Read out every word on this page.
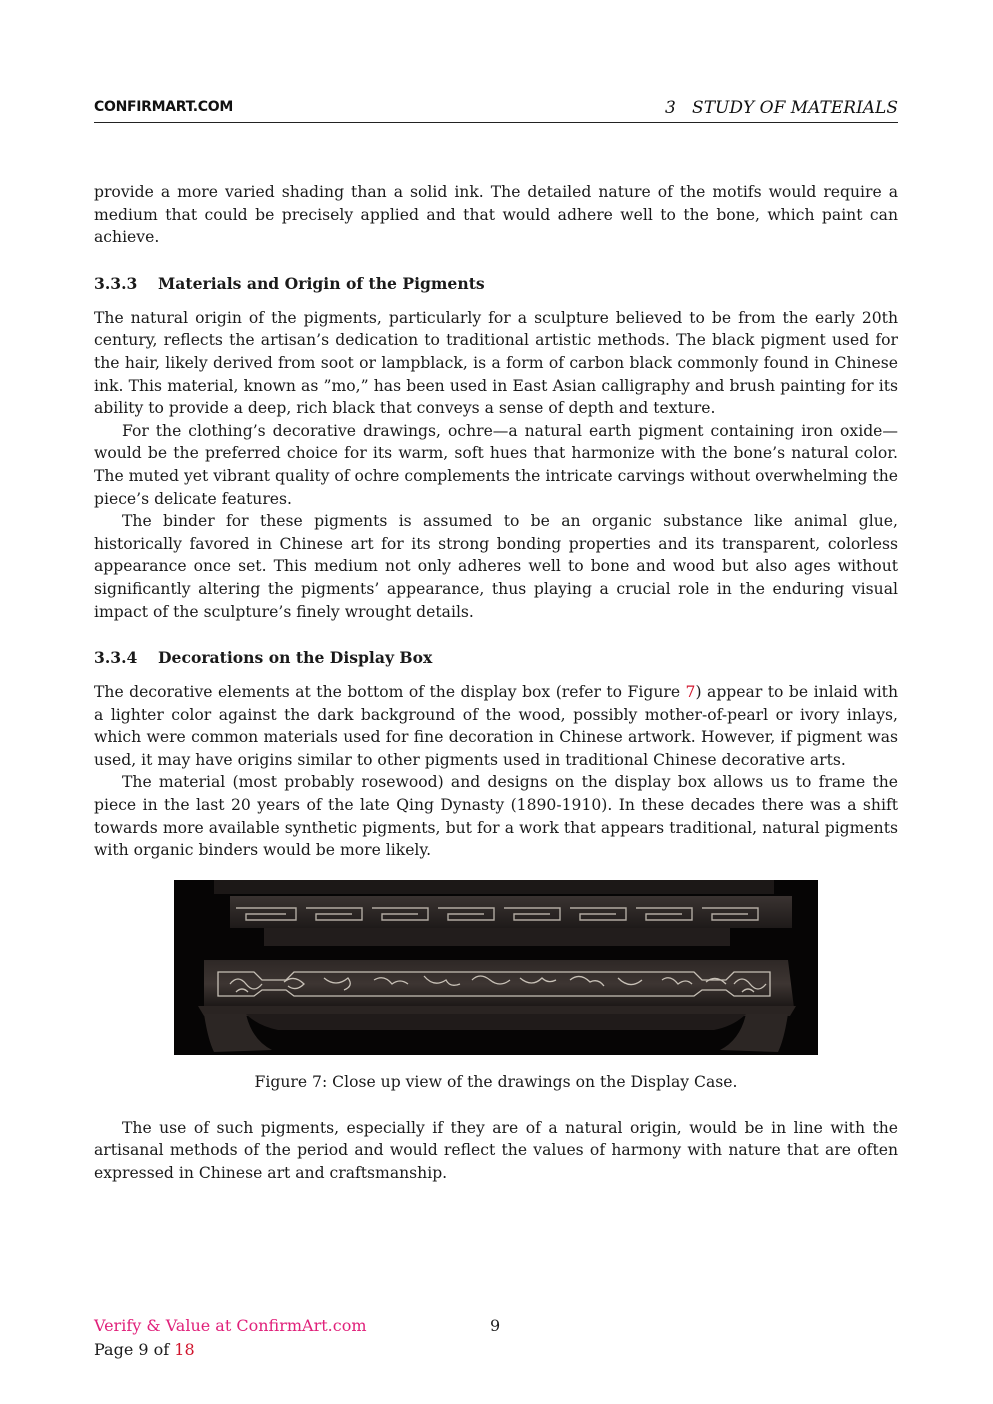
CONFIRMART.COM	3   STUDY OF MATERIALS

provide a more varied shading than a solid ink. The detailed nature of the motifs would require a medium that could be precisely applied and that would adhere well to the bone, which paint can achieve.

3.3.3 Materials and Origin of the Pigments

The natural origin of the pigments, particularly for a sculpture believed to be from the early 20th century, reflects the artisan’s dedication to traditional artistic methods. The black pigment used for the hair, likely derived from soot or lampblack, is a form of carbon black commonly found in Chinese ink. This material, known as ”mo,” has been used in East Asian calligraphy and brush painting for its ability to provide a deep, rich black that conveys a sense of depth and texture.

For the clothing’s decorative drawings, ochre—a natural earth pigment containing iron oxide—would be the preferred choice for its warm, soft hues that harmonize with the bone’s natural color. The muted yet vibrant quality of ochre complements the intricate carvings without overwhelming the piece’s delicate features.

The binder for these pigments is assumed to be an organic substance like animal glue, historically favored in Chinese art for its strong bonding properties and its transparent, colorless appearance once set. This medium not only adheres well to bone and wood but also ages without significantly altering the pigments’ appearance, thus playing a crucial role in the enduring visual impact of the sculpture’s finely wrought details.

3.3.4 Decorations on the Display Box

The decorative elements at the bottom of the display box (refer to Figure 7) appear to be inlaid with a lighter color against the dark background of the wood, possibly mother-of-pearl or ivory inlays, which were common materials used for fine decoration in Chinese artwork. However, if pigment was used, it may have origins similar to other pigments used in traditional Chinese decorative arts.

The material (most probably rosewood) and designs on the display box allows us to frame the piece in the last 20 years of the late Qing Dynasty (1890-1910). In these decades there was a shift towards more available synthetic pigments, but for a work that appears traditional, natural pigments with organic binders would be more likely.

Figure 7: Close up view of the drawings on the Display Case.

The use of such pigments, especially if they are of a natural origin, would be in line with the artisanal methods of the period and would reflect the values of harmony with nature that are often expressed in Chinese art and craftsmanship.

Verify & Value at ConfirmArt.com	9
Page 9 of 18
